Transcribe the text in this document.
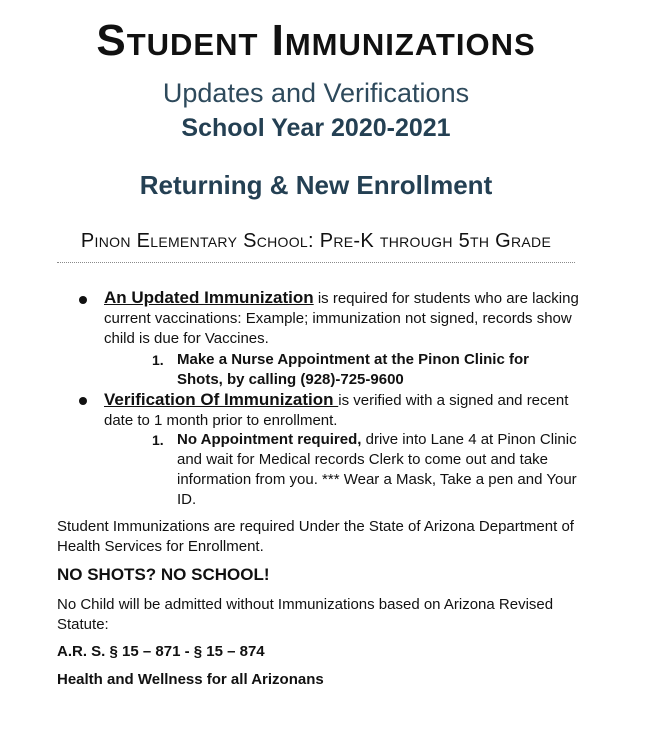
Student Immunizations
Updates and Verifications
School Year 2020-2021
Returning & New Enrollment
Pinon Elementary School: Pre-K through 5th Grade
An Updated Immunization is required for students who are lacking current vaccinations: Example; immunization not signed, records show child is due for Vaccines.
1. Make a Nurse Appointment at the Pinon Clinic for Shots, by calling (928)-725-9600
Verification Of Immunization is verified with a signed and recent date to 1 month prior to enrollment.
1. No Appointment required, drive into Lane 4 at Pinon Clinic and wait for Medical records Clerk to come out and take information from you. *** Wear a Mask, Take a pen and Your ID.
Student Immunizations are required Under the State of Arizona Department of Health Services for Enrollment.
NO SHOTS? NO SCHOOL!
No Child will be admitted without Immunizations based on Arizona Revised Statute:
A.R. S. § 15 – 871 - § 15 – 874
Health and Wellness for all Arizonans
